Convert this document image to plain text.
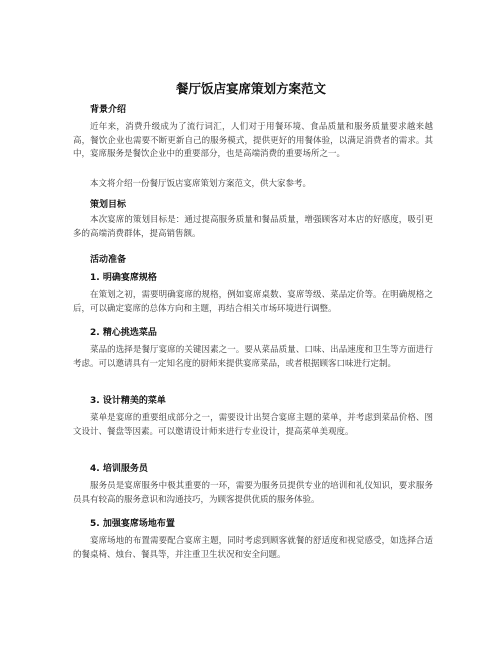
餐厅饭店宴席策划方案范文
背景介绍
近年来，消费升级成为了流行词汇，人们对于用餐环境、食品质量和服务质量要求越来越高，餐饮企业也需要不断更新自己的服务模式，提供更好的用餐体验，以满足消费者的需求。其中，宴席服务是餐饮企业中的重要部分，也是高端消费的重要场所之一。
本文将介绍一份餐厅饭店宴席策划方案范文，供大家参考。
策划目标
本次宴席的策划目标是：通过提高服务质量和餐品质量，增强顾客对本店的好感度，吸引更多的高端消费群体，提高销售额。
活动准备
1. 明确宴席规格
在策划之初，需要明确宴席的规格，例如宴席桌数、宴席等级、菜品定价等。在明确规格之后，可以确定宴席的总体方向和主题，再结合相关市场环境进行调整。
2. 精心挑选菜品
菜品的选择是餐厅宴席的关键因素之一。要从菜品质量、口味、出品速度和卫生等方面进行考虑。可以邀请具有一定知名度的厨师来提供宴席菜品，或者根据顾客口味进行定制。
3. 设计精美的菜单
菜单是宴席的重要组成部分之一，需要设计出契合宴席主题的菜单，并考虑到菜品价格、图文设计、餐盘等因素。可以邀请设计师来进行专业设计，提高菜单美观度。
4. 培训服务员
服务员是宴席服务中极其重要的一环，需要为服务员提供专业的培训和礼仪知识，要求服务员具有较高的服务意识和沟通技巧，为顾客提供优质的服务体验。
5. 加强宴席场地布置
宴席场地的布置需要配合宴席主题，同时考虑到顾客就餐的舒适度和视觉感受，如选择合适的餐桌椅、烛台、餐具等，并注重卫生状况和安全问题。
